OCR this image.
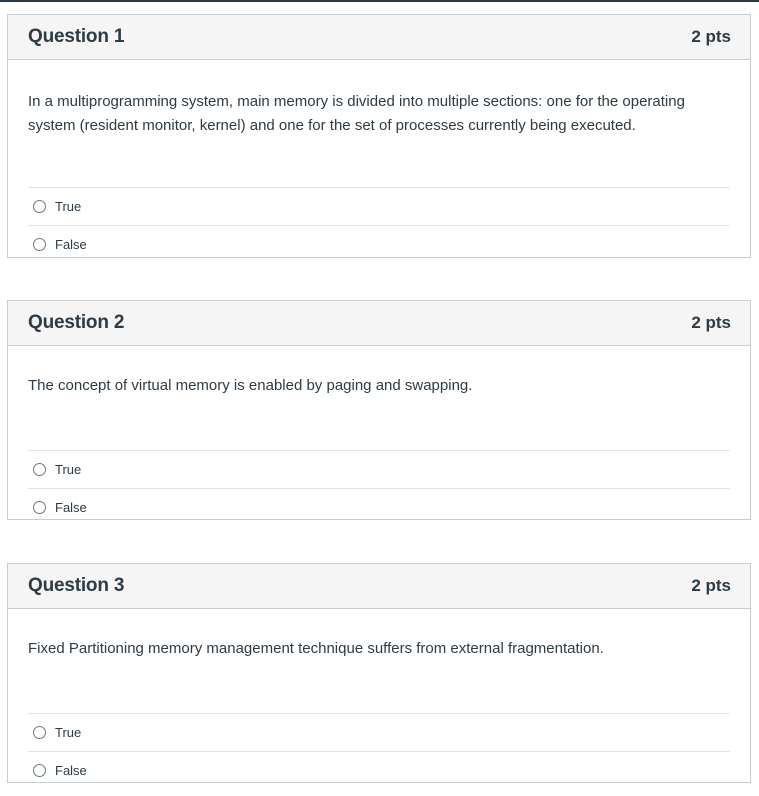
Question 1	2 pts

In a multiprogramming system, main memory is divided into multiple sections: one for the operating system (resident monitor, kernel) and one for the set of processes currently being executed.

True
False
Question 2	2 pts

The concept of virtual memory is enabled by paging and swapping.

True
False
Question 3	2 pts

Fixed Partitioning memory management technique suffers from external fragmentation.

True
False
